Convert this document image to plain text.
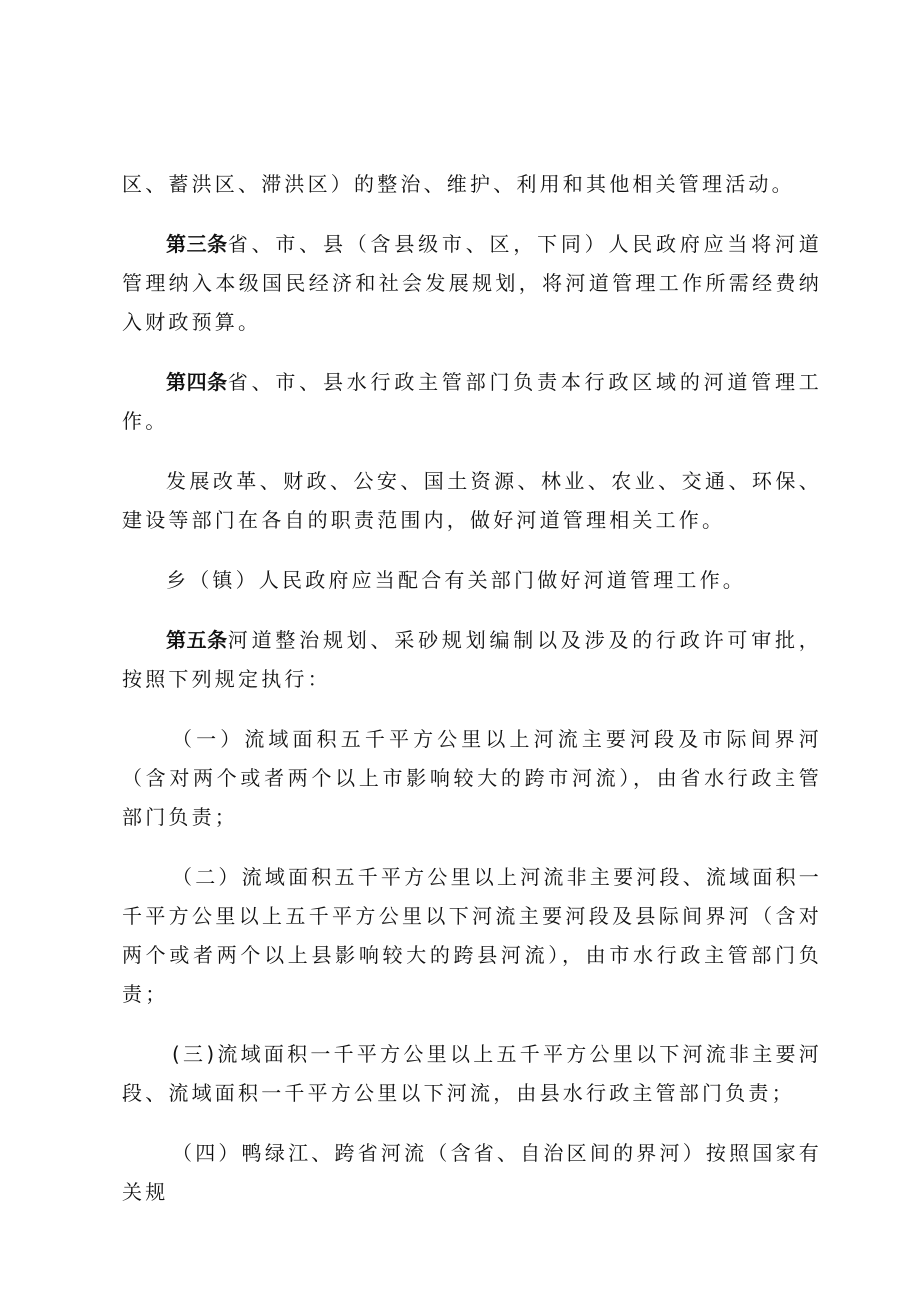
区、蓄洪区、滞洪区）的整治、维护、利用和其他相关管理活动。

第三条省、市、县（含县级市、区，下同）人民政府应当将河道管理纳入本级国民经济和社会发展规划，将河道管理工作所需经费纳入财政预算。

第四条省、市、县水行政主管部门负责本行政区域的河道管理工作。

发展改革、财政、公安、国土资源、林业、农业、交通、环保、建设等部门在各自的职责范围内，做好河道管理相关工作。

乡（镇）人民政府应当配合有关部门做好河道管理工作。

第五条河道整治规划、采砂规划编制以及涉及的行政许可审批，按照下列规定执行：

（一）流域面积五千平方公里以上河流主要河段及市际间界河（含对两个或者两个以上市影响较大的跨市河流），由省水行政主管部门负责；

（二）流域面积五千平方公里以上河流非主要河段、流域面积一千平方公里以上五千平方公里以下河流主要河段及县际间界河（含对两个或者两个以上县影响较大的跨县河流），由市水行政主管部门负责；

(三)流域面积一千平方公里以上五千平方公里以下河流非主要河段、流域面积一千平方公里以下河流，由县水行政主管部门负责；

（四）鸭绿江、跨省河流（含省、自治区间的界河）按照国家有关规
